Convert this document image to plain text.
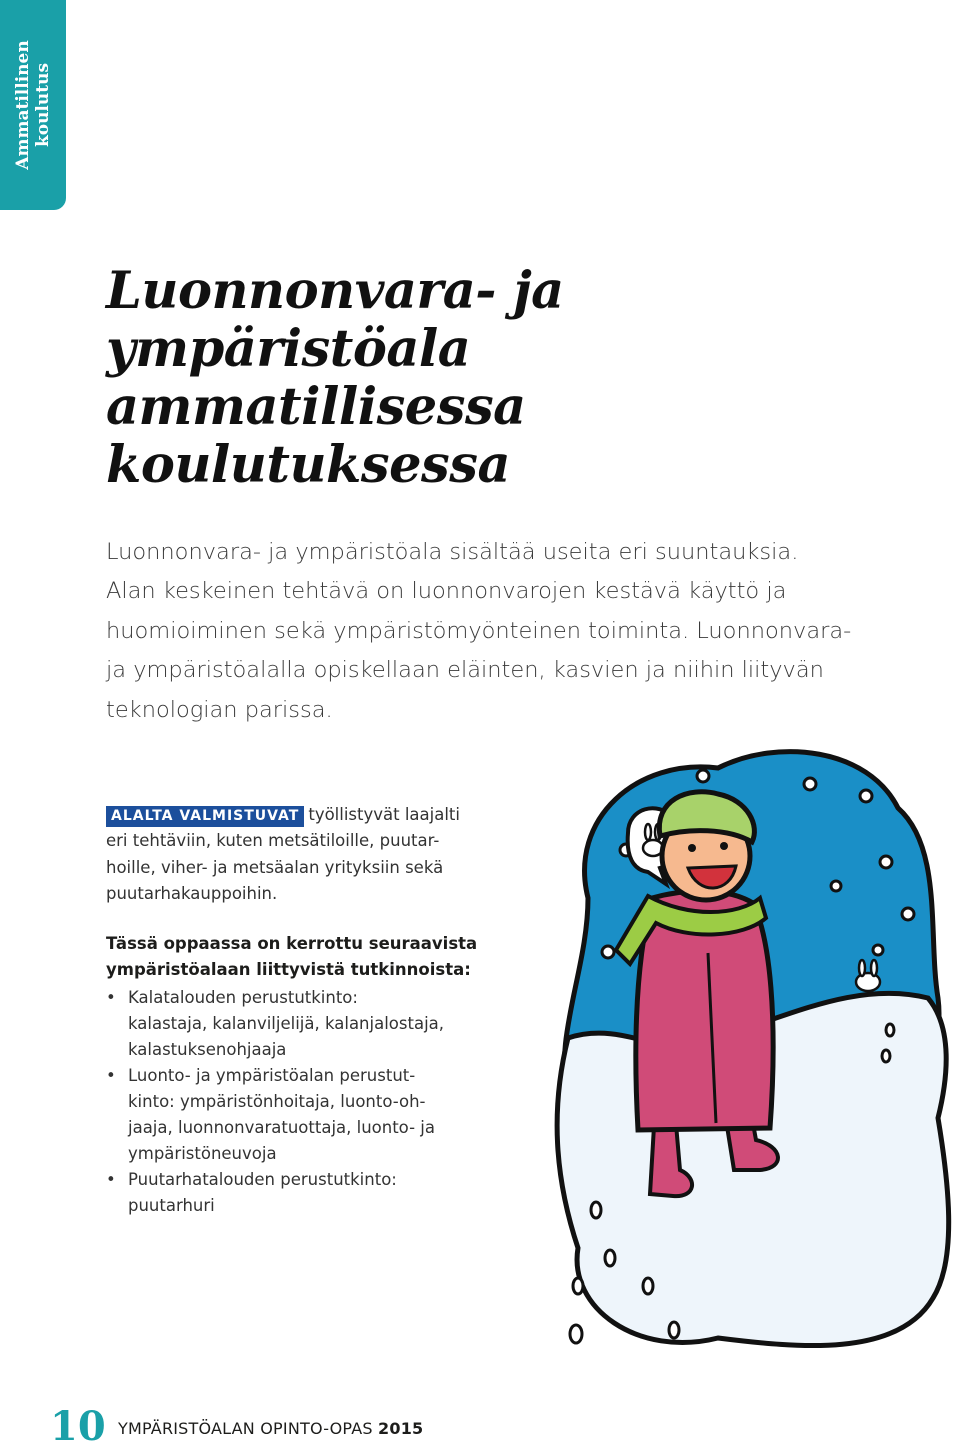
Ammatillinen koulutus
Luonnonvara- ja
ympäristöala
ammatillisessa
koulutuksessa

Luonnonvara- ja ympäristöala sisältää useita eri suuntauksia.
Alan keskeinen tehtävä on luonnonvarojen kestävä käyttö ja
huomioiminen sekä ympäristömyönteinen toiminta. Luonnonvara-
ja ympäristöalalla opiskellaan eläinten, kasvien ja niihin liityvän
teknologian parissa.

ALALTA VALMISTUVAT työllistyvät laajalti
eri tehtäviin, kuten metsätiloille, puutar-
hoille, viher- ja metsäalan yrityksiin sekä
puutarhakauppoihin.

Tässä oppaassa on kerrottu seuraavista
ympäristöalaan liittyvistä tutkinnoista:

• Kalatalouden perustutkinto:
kalastaja, kalanviljelijä, kalanjalostaja,
kalastuksenohjaaja
• Luonto- ja ympäristöalan perustut-
kinto: ympäristönhoitaja, luonto-oh-
jaaja, luonnonvaratuottaja, luonto- ja
ympäristöneuvoja
• Puutarhatalouden perustutkinto:
puutarhuri
10 YMPÄRISTÖALAN OPINTO-OPAS 2015
